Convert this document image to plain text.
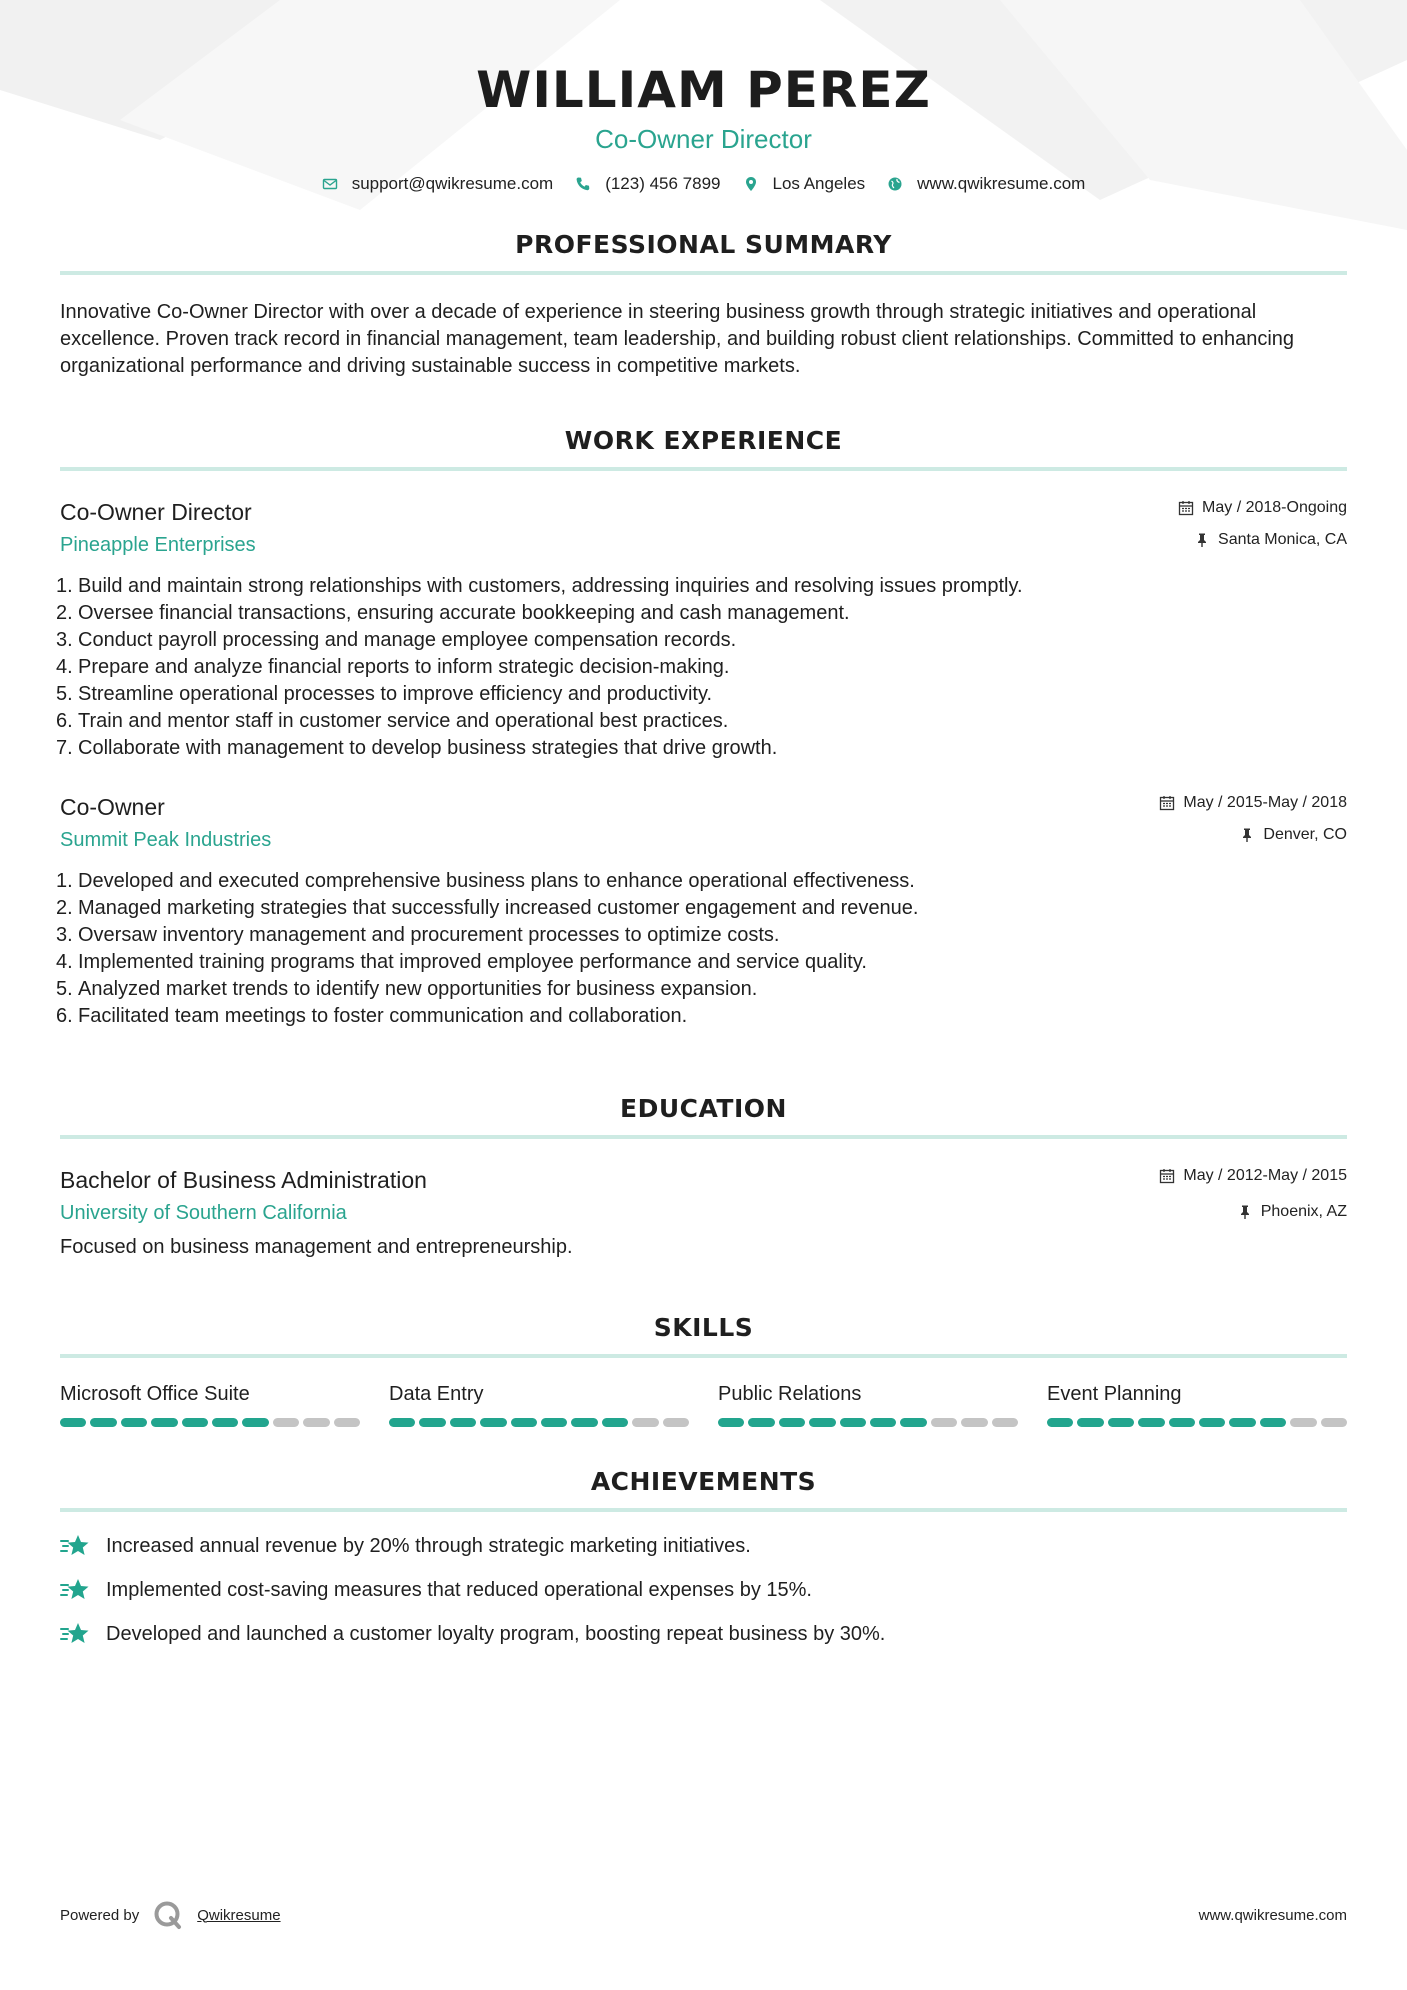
WILLIAM PEREZ
Co-Owner Director
support@qwikresume.com	(123) 456 7899	Los Angeles	www.qwikresume.com
PROFESSIONAL SUMMARY

Innovative Co-Owner Director with over a decade of experience in steering business growth through strategic initiatives and operational excellence. Proven track record in financial management, team leadership, and building robust client relationships. Committed to enhancing organizational performance and driving sustainable success in competitive markets.

WORK EXPERIENCE
Co-Owner Director
Pineapple Enterprises
May / 2018-Ongoing
Santa Monica, CA
1. Build and maintain strong relationships with customers, addressing inquiries and resolving issues promptly.
2. Oversee financial transactions, ensuring accurate bookkeeping and cash management.
3. Conduct payroll processing and manage employee compensation records.
4. Prepare and analyze financial reports to inform strategic decision-making.
5. Streamline operational processes to improve efficiency and productivity.
6. Train and mentor staff in customer service and operational best practices.
7. Collaborate with management to develop business strategies that drive growth.
Co-Owner
Summit Peak Industries
May / 2015-May / 2018
Denver, CO
1. Developed and executed comprehensive business plans to enhance operational effectiveness.
2. Managed marketing strategies that successfully increased customer engagement and revenue.
3. Oversaw inventory management and procurement processes to optimize costs.
4. Implemented training programs that improved employee performance and service quality.
5. Analyzed market trends to identify new opportunities for business expansion.
6. Facilitated team meetings to foster communication and collaboration.
EDUCATION
Bachelor of Business Administration
University of Southern California
May / 2012-May / 2015
Phoenix, AZ

Focused on business management and entrepreneurship.

SKILLS
Microsoft Office Suite	Data Entry	Public Relations	Event Planning
ACHIEVEMENTS
Increased annual revenue by 20% through strategic marketing initiatives.
Implemented cost-saving measures that reduced operational expenses by 15%.
Developed and launched a customer loyalty program, boosting repeat business by 30%.
Powered by	Qwikresume	www.qwikresume.com
